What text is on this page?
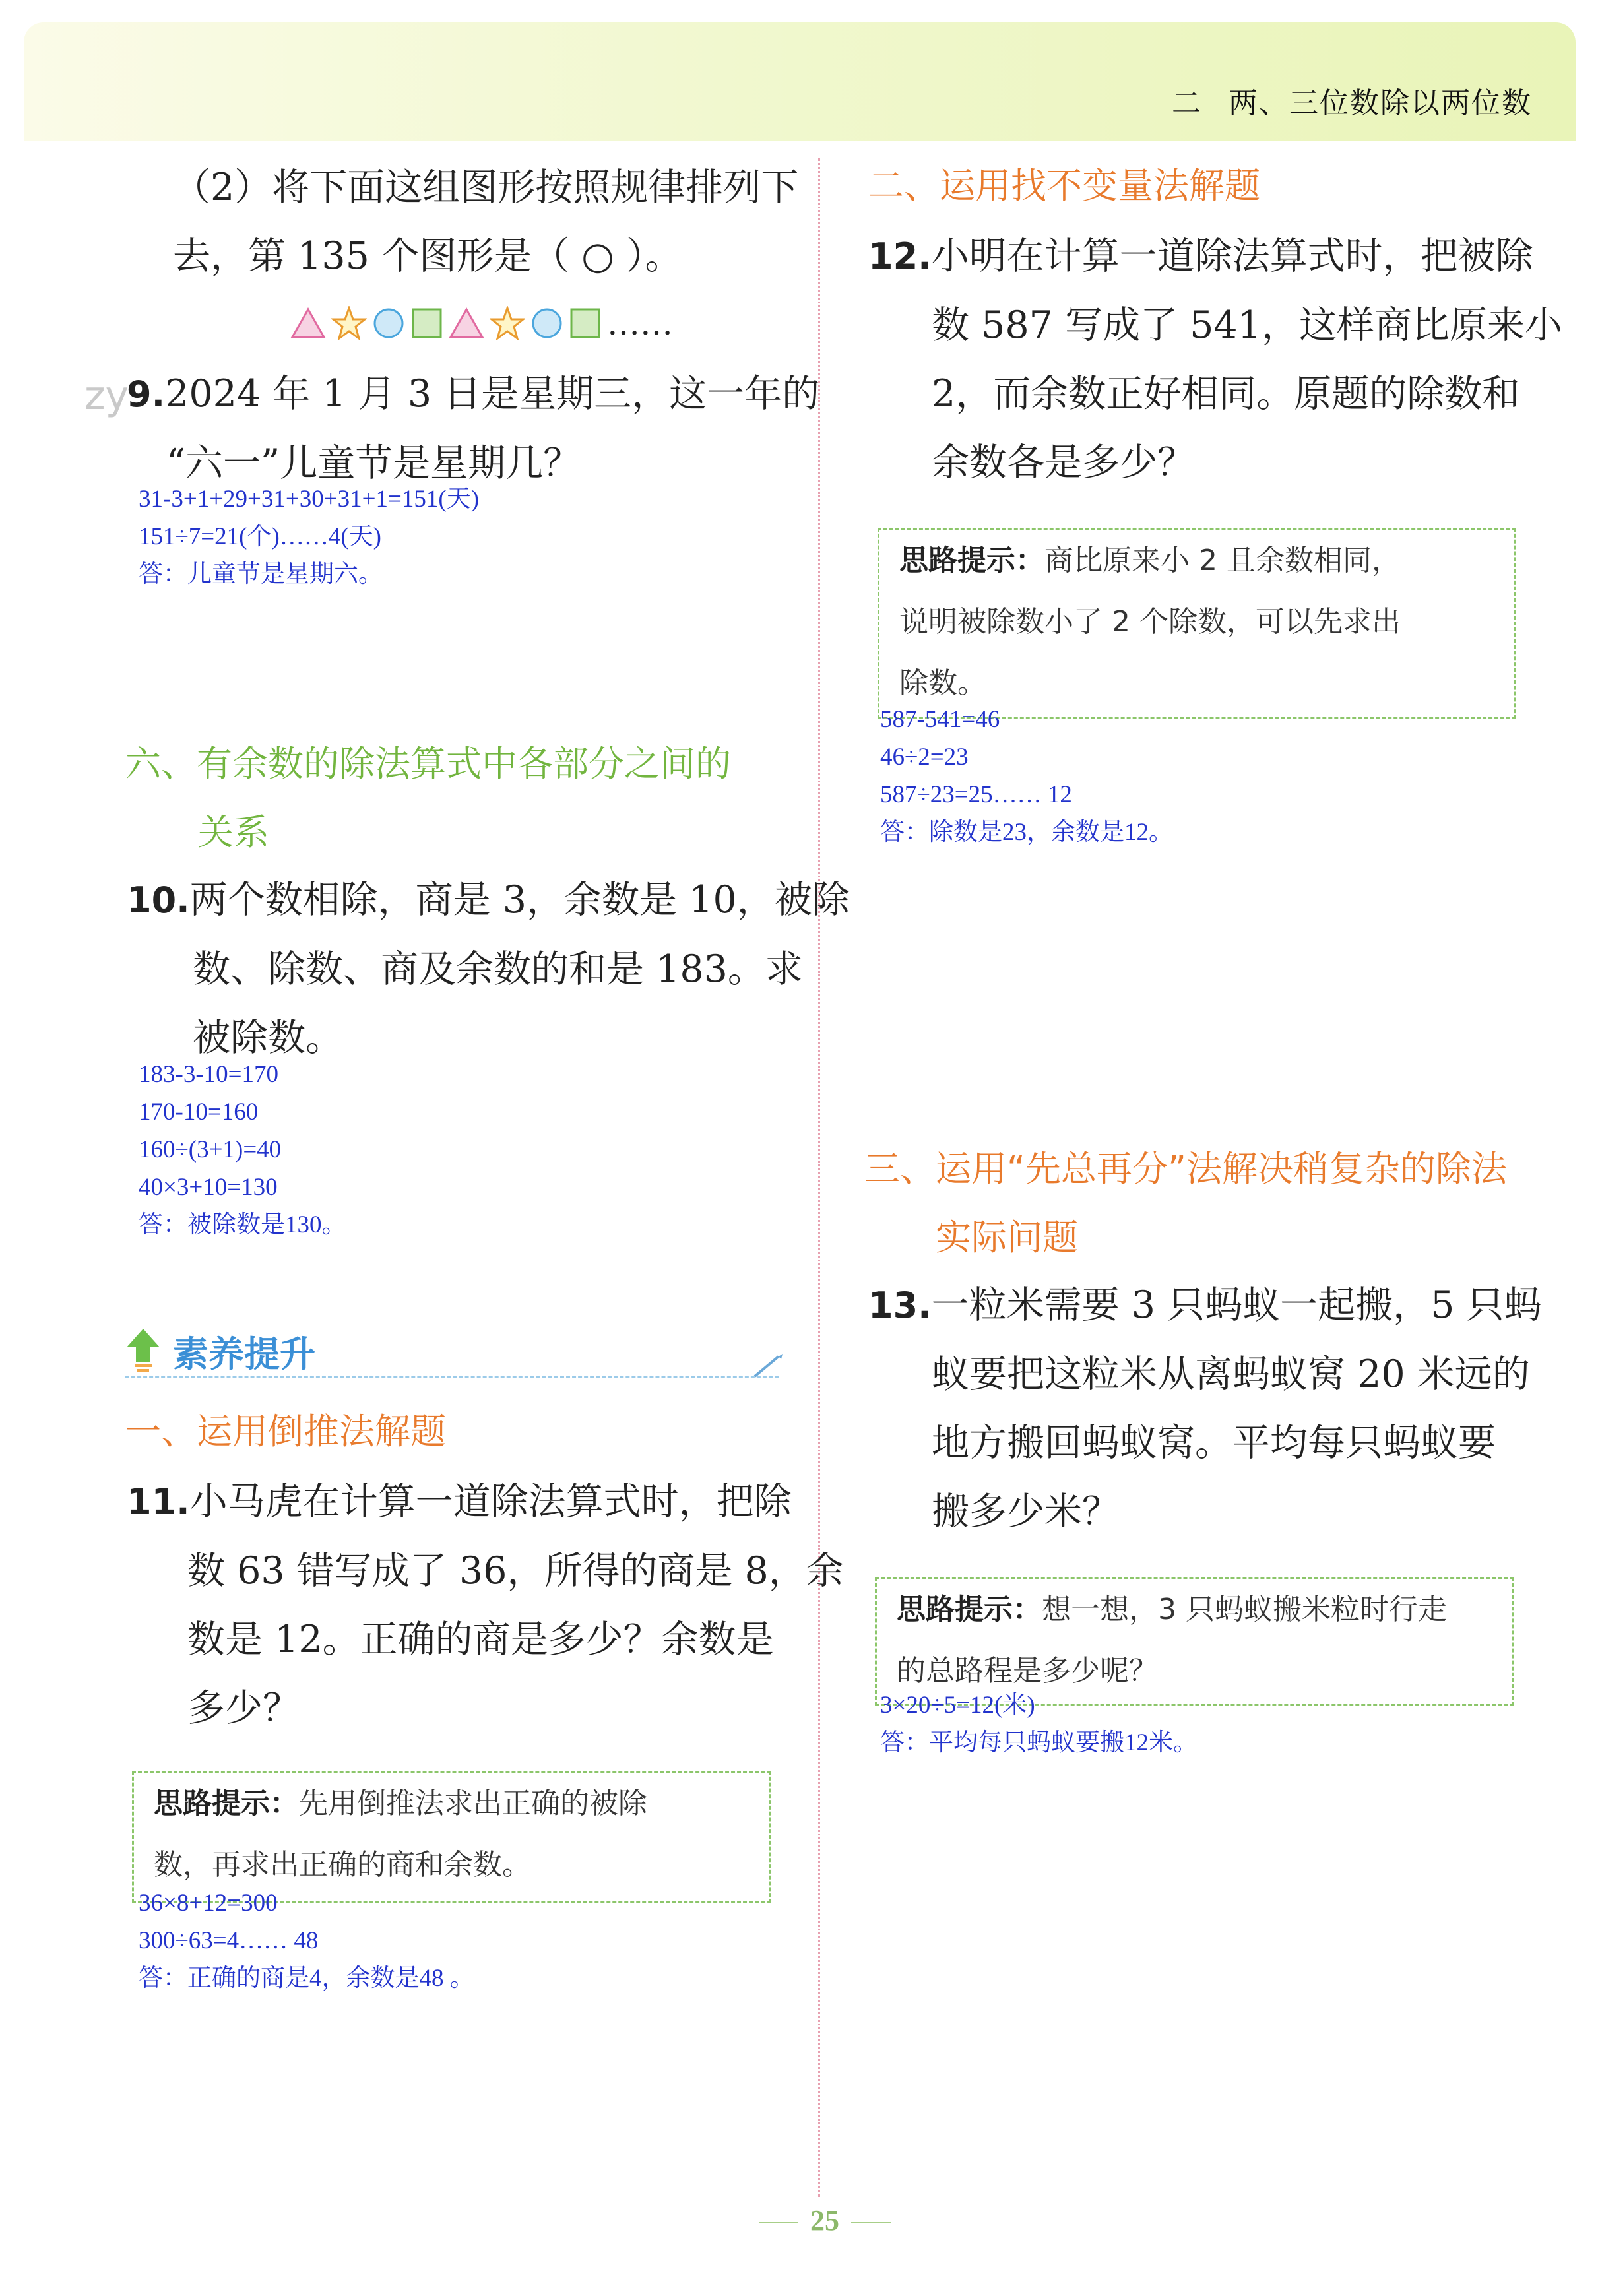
二 两、三位数除以两位数
（2）将下面这组图形按照规律排列下
去，第 135 个图形是（ ○ ）。
……
zy
9.2024 年 1 月 3 日是星期三，这一年的
“六一”儿童节是星期几？
31-3+1+29+31+30+31+1=151(天)
151÷7=21(个)……4(天)
答：儿童节是星期六。
六、有余数的除法算式中各部分之间的
关系
10.两个数相除，商是 3，余数是 10，被除
数、除数、商及余数的和是 183。求
被除数。
183-3-10=170
170-10=160
160÷(3+1)=40
40×3+10=130
答：被除数是130。
素养提升
一、运用倒推法解题
11.小马虎在计算一道除法算式时，把除
数 63 错写成了 36，所得的商是 8，余
数是 12。正确的商是多少？余数是
多少？
思路提示：先用倒推法求出正确的被除
数，再求出正确的商和余数。
36×8+12=300
300÷63=4…… 48
答：正确的商是4，余数是48 。
二、运用找不变量法解题
12.小明在计算一道除法算式时，把被除
数 587 写成了 541，这样商比原来小
2，而余数正好相同。原题的除数和
余数各是多少？
思路提示：商比原来小 2 且余数相同，
说明被除数小了 2 个除数，可以先求出
除数。
587-541=46
46÷2=23
587÷23=25…… 12
答：除数是23，余数是12。
三、运用“先总再分”法解决稍复杂的除法
实际问题
13.一粒米需要 3 只蚂蚁一起搬，5 只蚂
蚁要把这粒米从离蚂蚁窝 20 米远的
地方搬回蚂蚁窝。平均每只蚂蚁要
搬多少米？
思路提示：想一想，3 只蚂蚁搬米粒时行走
的总路程是多少呢？
3×20÷5=12(米)
答：平均每只蚂蚁要搬12米。
25
